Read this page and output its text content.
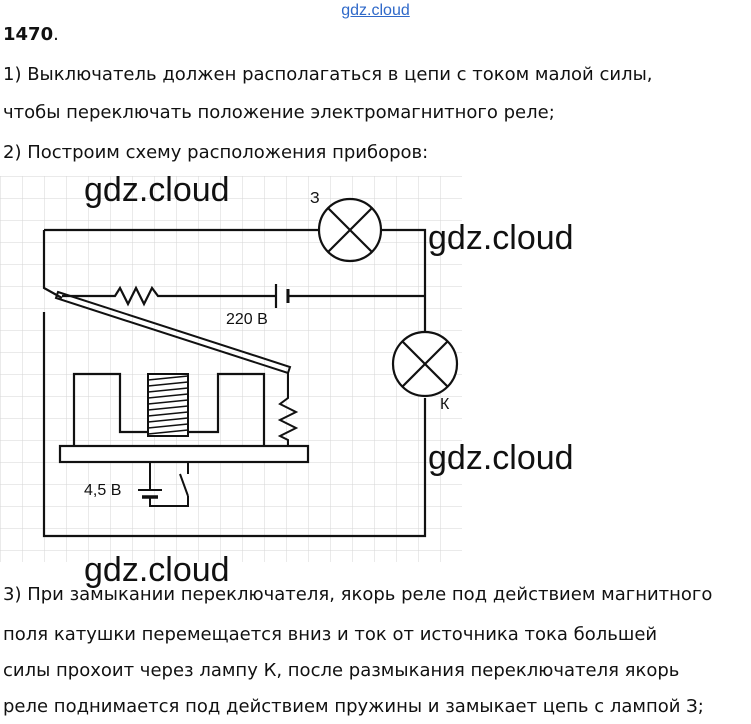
gdz.cloud
1470.
1) Выключатель должен располагаться в цепи с током малой силы,
чтобы переключать положение электромагнитного реле;
2) Построим схему расположения приборов:
З
К
220 В
4,5 В
gdz.cloud
gdz.cloud
gdz.cloud
gdz.cloud
3) При замыкании переключателя, якорь реле под действием магнитного
поля катушки перемещается вниз и ток от источника тока большей
силы прохоит через лампу К, после размыкания переключателя якорь
реле поднимается под действием пружины и замыкает цепь с лампой З;
